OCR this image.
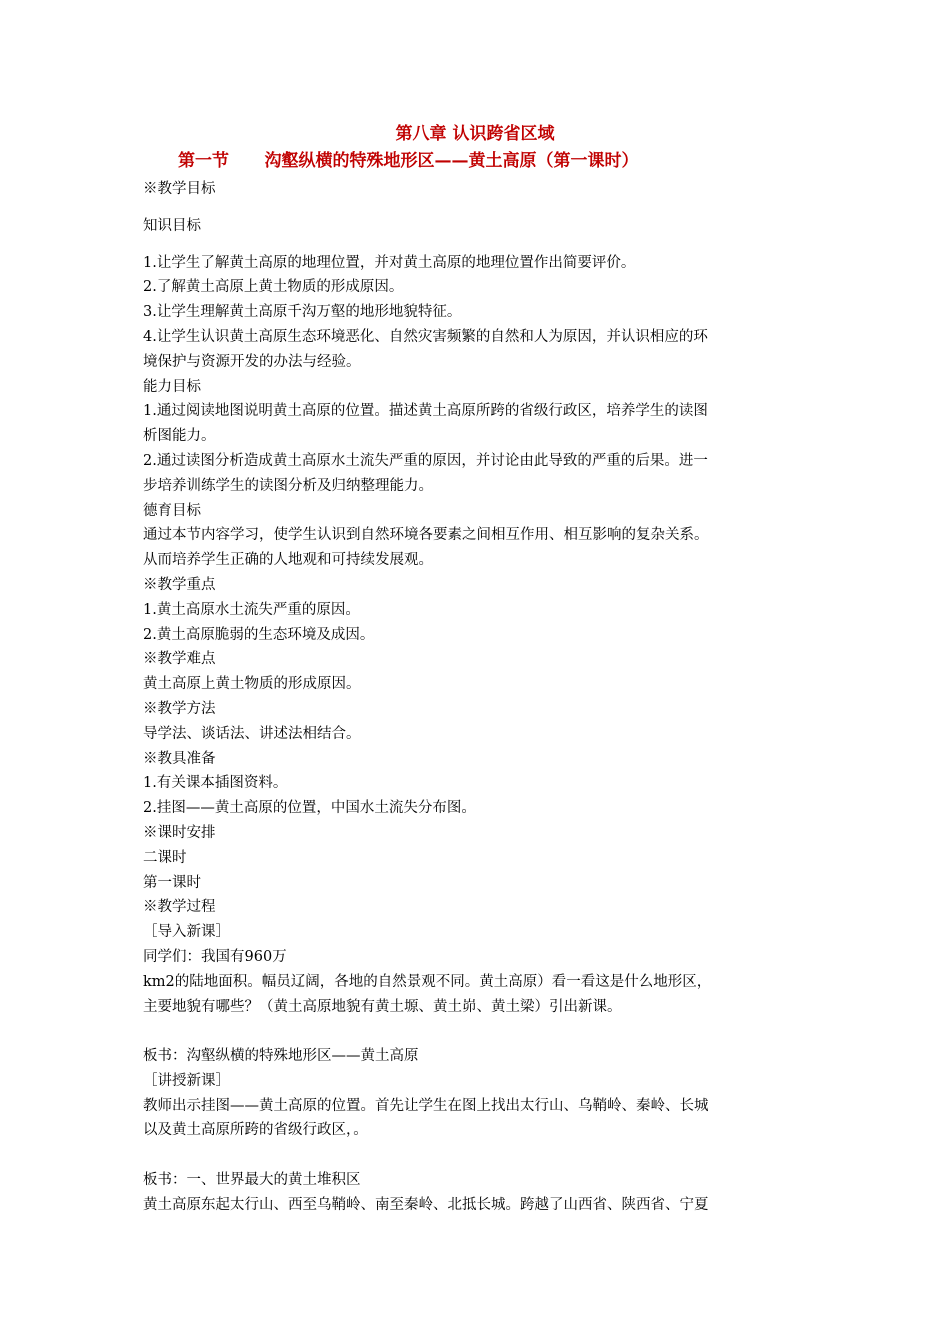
第八章 认识跨省区域
第一节      沟壑纵横的特殊地形区——黄土高原（第一课时）
※教学目标
知识目标
1.让学生了解黄土高原的地理位置，并对黄土高原的地理位置作出简要评价。
2.了解黄土高原上黄土物质的形成原因。
3.让学生理解黄土高原千沟万壑的地形地貌特征。
4.让学生认识黄土高原生态环境恶化、自然灾害频繁的自然和人为原因，并认识相应的环
境保护与资源开发的办法与经验。
能力目标
1.通过阅读地图说明黄土高原的位置。描述黄土高原所跨的省级行政区，培养学生的读图
析图能力。
2.通过读图分析造成黄土高原水土流失严重的原因，并讨论由此导致的严重的后果。进一
步培养训练学生的读图分析及归纳整理能力。
德育目标
通过本节内容学习，使学生认识到自然环境各要素之间相互作用、相互影响的复杂关系。
从而培养学生正确的人地观和可持续发展观。
※教学重点
1.黄土高原水土流失严重的原因。
2.黄土高原脆弱的生态环境及成因。
※教学难点
黄土高原上黄土物质的形成原因。
※教学方法
导学法、谈话法、讲述法相结合。
※教具准备
1.有关课本插图资料。
2.挂图——黄土高原的位置，中国水土流失分布图。
※课时安排
二课时
第一课时
※教学过程
［导入新课］
同学们：我国有960万
km2的陆地面积。幅员辽阔，各地的自然景观不同。黄土高原）看一看这是什么地形区，
主要地貌有哪些？（黄土高原地貌有黄土塬、黄土峁、黄土梁）引出新课。
板书：沟壑纵横的特殊地形区——黄土高原
［讲授新课］
教师出示挂图——黄土高原的位置。首先让学生在图上找出太行山、乌鞘岭、秦岭、长城
以及黄土高原所跨的省级行政区，。
板书：一、世界最大的黄土堆积区
黄土高原东起太行山、西至乌鞘岭、南至秦岭、北抵长城。跨越了山西省、陕西省、宁夏
